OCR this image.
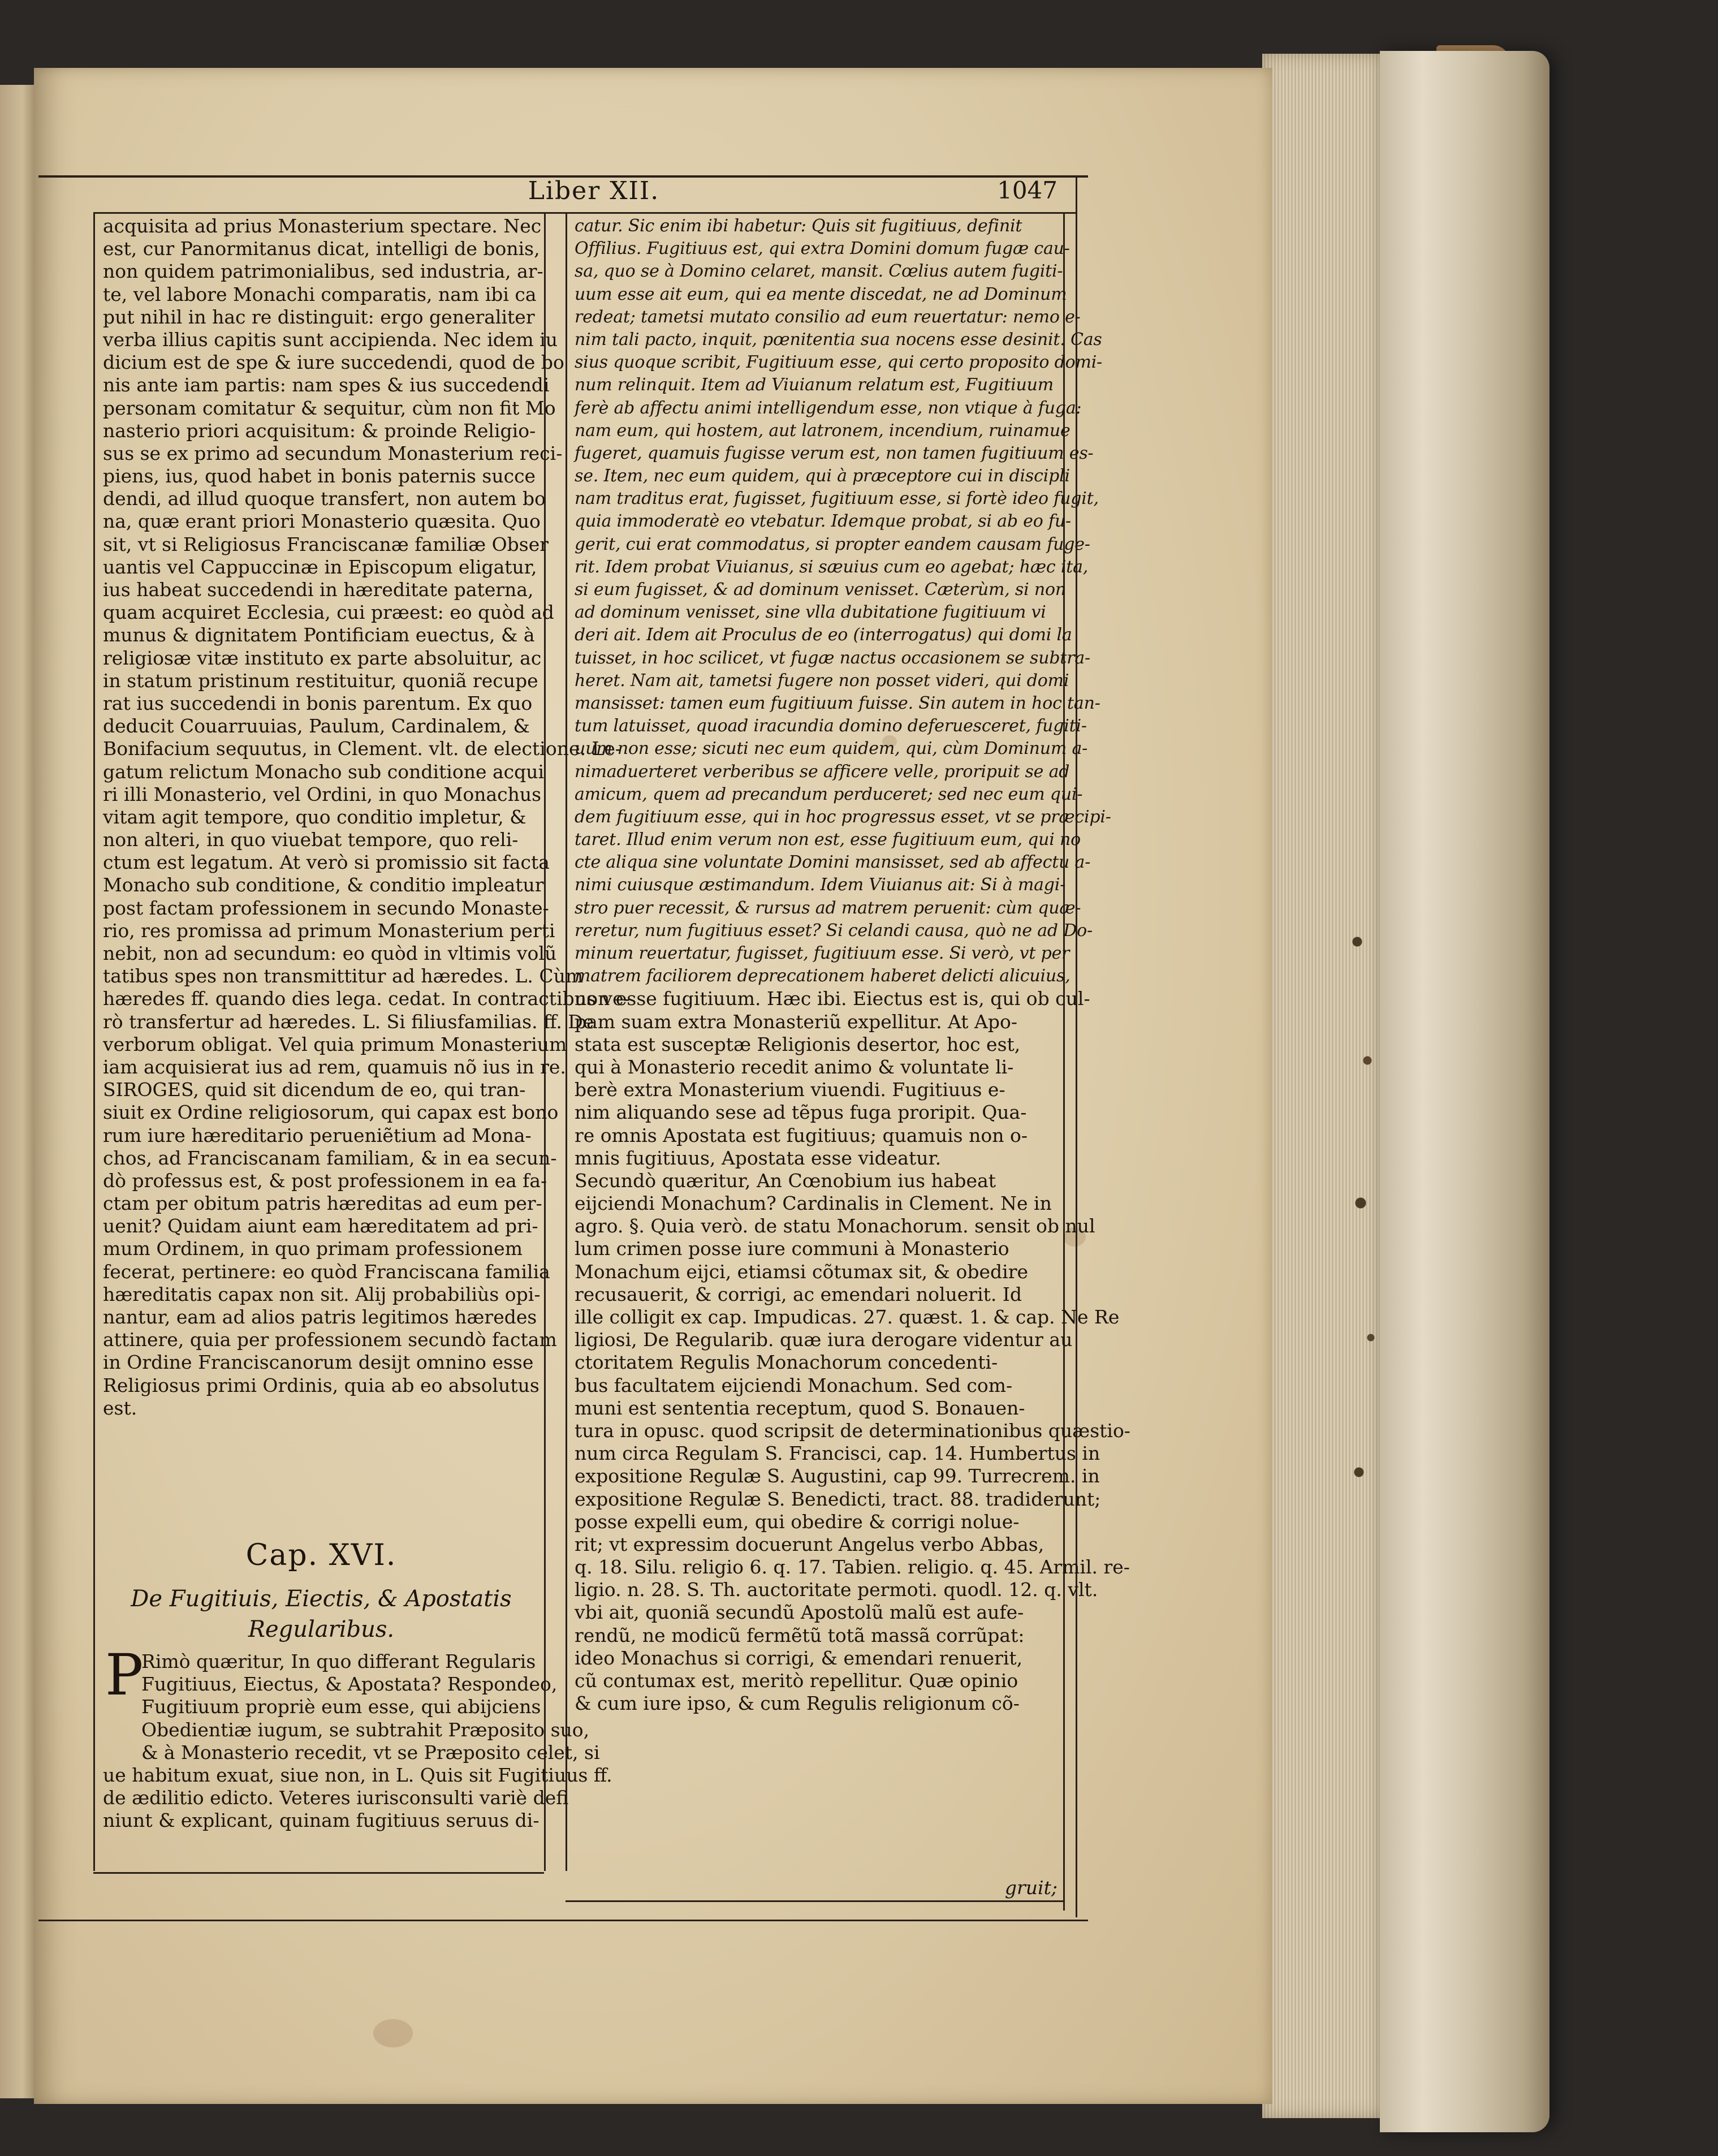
Liber XII.	1047
acquisita ad prius Monasterium spectare. Nec
est, cur Panormitanus dicat, intelligi de bonis,
non quidem patrimonialibus, sed industria, ar-
te, vel labore Monachi comparatis, nam ibi ca
put nihil in hac re distinguit: ergo generaliter
verba illius capitis sunt accipienda. Nec idem iu
dicium est de spe & iure succedendi, quod de bo
nis ante iam partis: nam spes & ius succedendi
personam comitatur & sequitur, cùm non fit Mo
nasterio priori acquisitum: & proinde Religio-
sus se ex primo ad secundum Monasterium reci-
piens, ius, quod habet in bonis paternis succe
dendi, ad illud quoque transfert, non autem bo
na, quæ erant priori Monasterio quæsita. Quo
sit, vt si Religiosus Franciscanæ familiæ Obser
uantis vel Cappuccinæ in Episcopum eligatur,
ius habeat succedendi in hæreditate paterna,
quam acquiret Ecclesia, cui præest: eo quòd ad
munus & dignitatem Pontificiam euectus, & à
religiosæ vitæ instituto ex parte absoluitur, ac
in statum pristinum restituitur, quoniã recupe
rat ius succedendi in bonis parentum. Ex quo
deducit Couarruuias, Paulum, Cardinalem, &
Bonifacium sequutus, in Clement. vlt. de electione. Le-
gatum relictum Monacho sub conditione acqui
ri illi Monasterio, vel Ordini, in quo Monachus
vitam agit tempore, quo conditio impletur, &
non alteri, in quo viuebat tempore, quo reli-
ctum est legatum. At verò si promissio sit facta
Monacho sub conditione, & conditio impleatur
post factam professionem in secundo Monaste-
rio, res promissa ad primum Monasterium perti
nebit, non ad secundum: eo quòd in vltimis volũ
tatibus spes non transmittitur ad hæredes. L. Cùm
hæredes ff. quando dies lega. cedat. In contractibus ve-
rò transfertur ad hæredes. L. Si filiusfamilias. ff. De
verborum obligat. Vel quia primum Monasterium
iam acquisierat ius ad rem, quamuis nõ ius in re.
SIROGES, quid sit dicendum de eo, qui tran-
siuit ex Ordine religiosorum, qui capax est bono
rum iure hæreditario perueniẽtium ad Mona-
chos, ad Franciscanam familiam, & in ea secun-
dò professus est, & post professionem in ea fa-
ctam per obitum patris hæreditas ad eum per-
uenit? Quidam aiunt eam hæreditatem ad pri-
mum Ordinem, in quo primam professionem
fecerat, pertinere: eo quòd Franciscana familia
hæreditatis capax non sit. Alij probabiliùs opi-
nantur, eam ad alios patris legitimos hæredes
attinere, quia per professionem secundò factam
in Ordine Franciscanorum desijt omnino esse
Religiosus primi Ordinis, quia ab eo absolutus
est.
Cap. XVI.
De Fugitiuis, Eiectis, & Apostatis
Regularibus.
P
Rimò quæritur, In quo differant Regularis
Fugitiuus, Eiectus, & Apostata? Respondeo,
Fugitiuum propriè eum esse, qui abijciens
Obedientiæ iugum, se subtrahit Præposito suo,
& à Monasterio recedit, vt se Præposito celet, si
ue habitum exuat, siue non, in L. Quis sit Fugitiuus ff.
de ædilitio edicto. Veteres iurisconsulti variè defi
niunt & explicant, quinam fugitiuus seruus di-
catur. Sic enim ibi habetur: Quis sit fugitiuus, definit
Offilius. Fugitiuus est, qui extra Domini domum fugæ cau-
sa, quo se à Domino celaret, mansit. Cœlius autem fugiti-
uum esse ait eum, qui ea mente discedat, ne ad Dominum
redeat; tametsi mutato consilio ad eum reuertatur: nemo e-
nim tali pacto, inquit, pœnitentia sua nocens esse desinit. Cas
sius quoque scribit, Fugitiuum esse, qui certo proposito domi-
num relinquit. Item ad Viuianum relatum est, Fugitiuum
ferè ab affectu animi intelligendum esse, non vtique à fuga:
nam eum, qui hostem, aut latronem, incendium, ruinamue
fugeret, quamuis fugisse verum est, non tamen fugitiuum es-
se. Item, nec eum quidem, qui à præceptore cui in discipli
nam traditus erat, fugisset, fugitiuum esse, si fortè ideo fugit,
quia immoderatè eo vtebatur. Idemque probat, si ab eo fu-
gerit, cui erat commodatus, si propter eandem causam fuge-
rit. Idem probat Viuianus, si sæuius cum eo agebat; hæc ita,
si eum fugisset, & ad dominum venisset. Cæterùm, si non
ad dominum venisset, sine vlla dubitatione fugitiuum vi
deri ait. Idem ait Proculus de eo (interrogatus) qui domi la
tuisset, in hoc scilicet, vt fugæ nactus occasionem se subtra-
heret. Nam ait, tametsi fugere non posset videri, qui domi
mansisset: tamen eum fugitiuum fuisse. Sin autem in hoc tan-
tum latuisset, quoad iracundia domino deferuesceret, fugiti-
uum non esse; sicuti nec eum quidem, qui, cùm Dominum a-
nimaduerteret verberibus se afficere velle, proripuit se ad
amicum, quem ad precandum perduceret; sed nec eum qui-
dem fugitiuum esse, qui in hoc progressus esset, vt se præcipi-
taret. Illud enim verum non est, esse fugitiuum eum, qui no
cte aliqua sine voluntate Domini mansisset, sed ab affectu a-
nimi cuiusque æstimandum. Idem Viuianus ait: Si à magi-
stro puer recessit, & rursus ad matrem peruenit: cùm quæ-
reretur, num fugitiuus esset? Si celandi causa, quò ne ad Do-
minum reuertatur, fugisset, fugitiuum esse. Si verò, vt per
matrem faciliorem deprecationem haberet delicti alicuius,
non esse fugitiuum. Hæc ibi. Eiectus est is, qui ob cul-
pam suam extra Monasteriũ expellitur. At Apo-
stata est susceptæ Religionis desertor, hoc est,
qui à Monasterio recedit animo & voluntate li-
berè extra Monasterium viuendi. Fugitiuus e-
nim aliquando sese ad tẽpus fuga proripit. Qua-
re omnis Apostata est fugitiuus; quamuis non o-
mnis fugitiuus, Apostata esse videatur.
Secundò quæritur, An Cœnobium ius habeat
eijciendi Monachum? Cardinalis in Clement. Ne in
agro. §. Quia verò. de statu Monachorum. sensit ob nul
lum crimen posse iure communi à Monasterio
Monachum eijci, etiamsi cõtumax sit, & obedire
recusauerit, & corrigi, ac emendari noluerit. Id
ille colligit ex cap. Impudicas. 27. quæst. 1. & cap. Ne Re
ligiosi, De Regularib. quæ iura derogare videntur au
ctoritatem Regulis Monachorum concedenti-
bus facultatem eijciendi Monachum. Sed com-
muni est sententia receptum, quod S. Bonauen-
tura in opusc. quod scripsit de determinationibus quæstio-
num circa Regulam S. Francisci, cap. 14. Humbertus in
expositione Regulæ S. Augustini, cap 99. Turrecrem. in
expositione Regulæ S. Benedicti, tract. 88. tradiderunt;
posse expelli eum, qui obedire & corrigi nolue-
rit; vt expressim docuerunt Angelus verbo Abbas,
q. 18. Silu. religio 6. q. 17. Tabien. religio. q. 45. Armil. re-
ligio. n. 28. S. Th. auctoritate permoti. quodl. 12. q. vlt.
vbi ait, quoniã secundũ Apostolũ malũ est aufe-
rendũ, ne modicũ fermẽtũ totã massã corrũpat:
ideo Monachus si corrigi, & emendari renuerit,
cũ contumax est, meritò repellitur. Quæ opinio
& cum iure ipso, & cum Regulis religionum cõ-
gruit;
